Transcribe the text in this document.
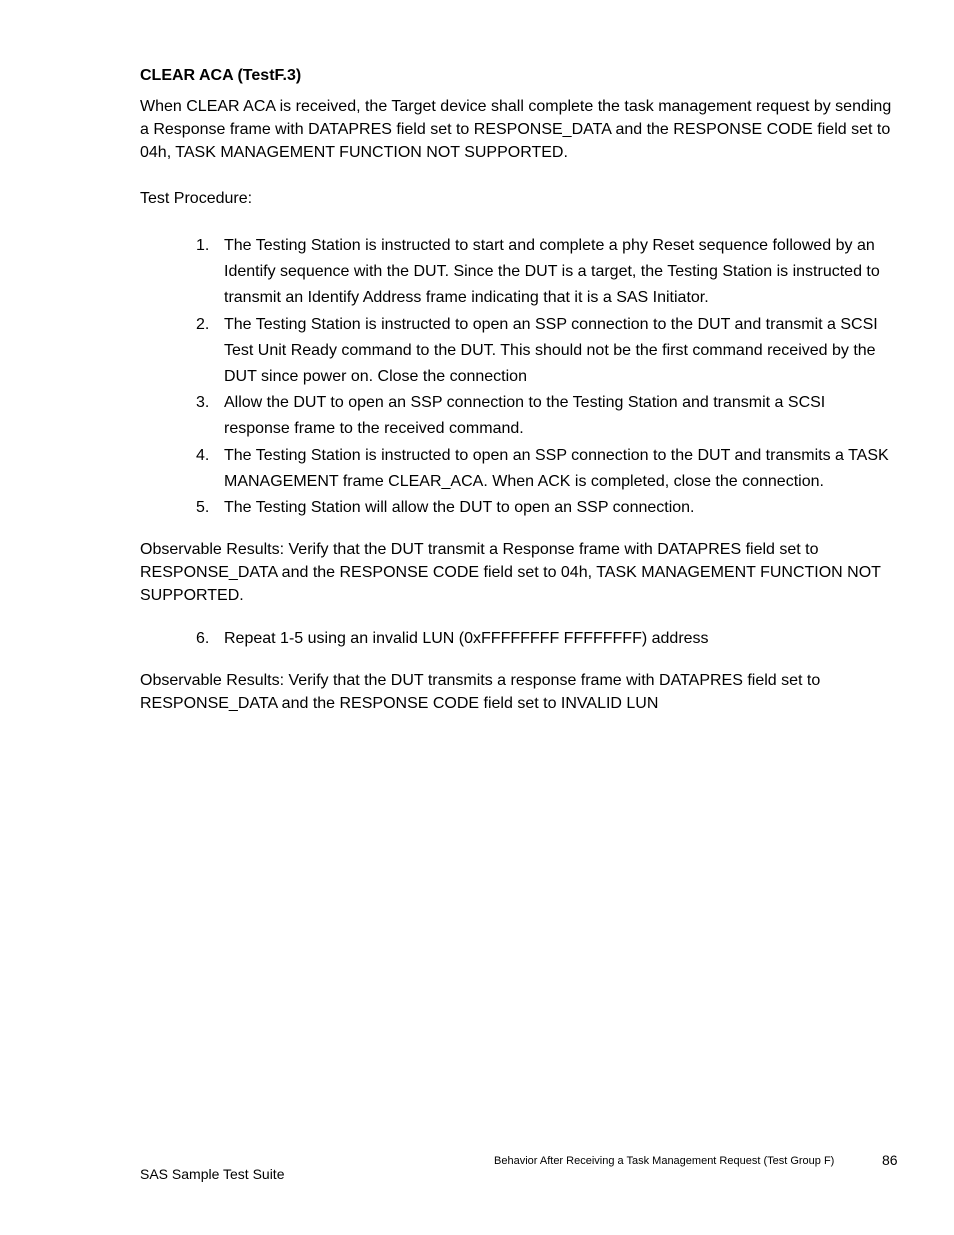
CLEAR ACA (TestF.3)

When CLEAR ACA is received, the Target device shall complete the task management request by sending a Response frame with DATAPRES field set to RESPONSE_DATA and the RESPONSE CODE field set to 04h, TASK MANAGEMENT FUNCTION NOT SUPPORTED.

Test Procedure:

1. The Testing Station is instructed to start and complete a phy Reset sequence followed by an Identify sequence with the DUT. Since the DUT is a target, the Testing Station is instructed to transmit an Identify Address frame indicating that it is a SAS Initiator.
2. The Testing Station is instructed to open an SSP connection to the DUT and transmit a SCSI Test Unit Ready command to the DUT. This should not be the first command received by the DUT since power on. Close the connection
3. Allow the DUT to open an SSP connection to the Testing Station and transmit a SCSI response frame to the received command.
4. The Testing Station is instructed to open an SSP connection to the DUT and transmits a TASK MANAGEMENT frame CLEAR_ACA. When ACK is completed, close the connection.
5. The Testing Station will allow the DUT to open an SSP connection.

Observable Results: Verify that the DUT transmit a Response frame with DATAPRES field set to RESPONSE_DATA and the RESPONSE CODE field set to 04h, TASK MANAGEMENT FUNCTION NOT SUPPORTED.

6. Repeat 1-5 using an invalid LUN (0xFFFFFFFF FFFFFFFF) address

Observable Results: Verify that the DUT transmits a response frame with DATAPRES field set to RESPONSE_DATA and the RESPONSE CODE field set to INVALID LUN

Behavior After Receiving a Task Management Request (Test Group F)	86
SAS Sample Test Suite
